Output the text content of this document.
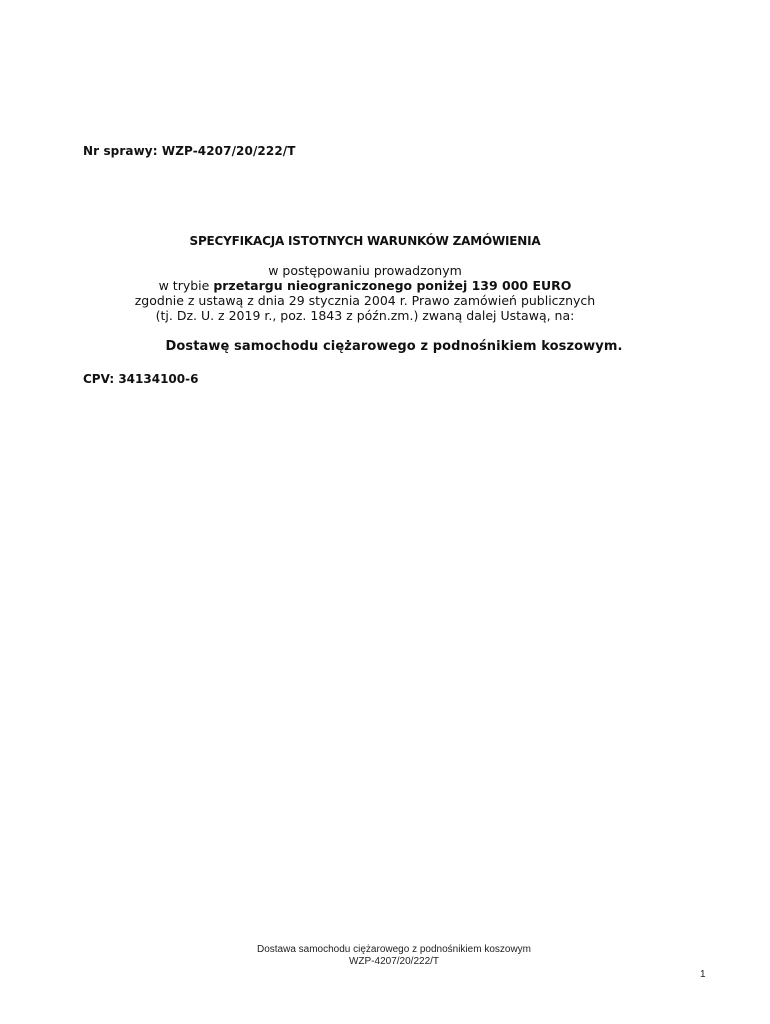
Nr sprawy: WZP-4207/20/222/T
SPECYFIKACJA ISTOTNYCH WARUNKÓW ZAMÓWIENIA
w postępowaniu prowadzonym
w trybie przetargu nieograniczonego poniżej 139 000 EURO
zgodnie z ustawą z dnia 29 stycznia 2004 r. Prawo zamówień publicznych
(tj. Dz. U. z 2019 r., poz. 1843 z późn.zm.) zwaną dalej Ustawą, na:
Dostawę samochodu ciężarowego z podnośnikiem koszowym.
CPV: 34134100-6
Dostawa samochodu ciężarowego z podnośnikiem koszowym
WZP-4207/20/222/T
1
